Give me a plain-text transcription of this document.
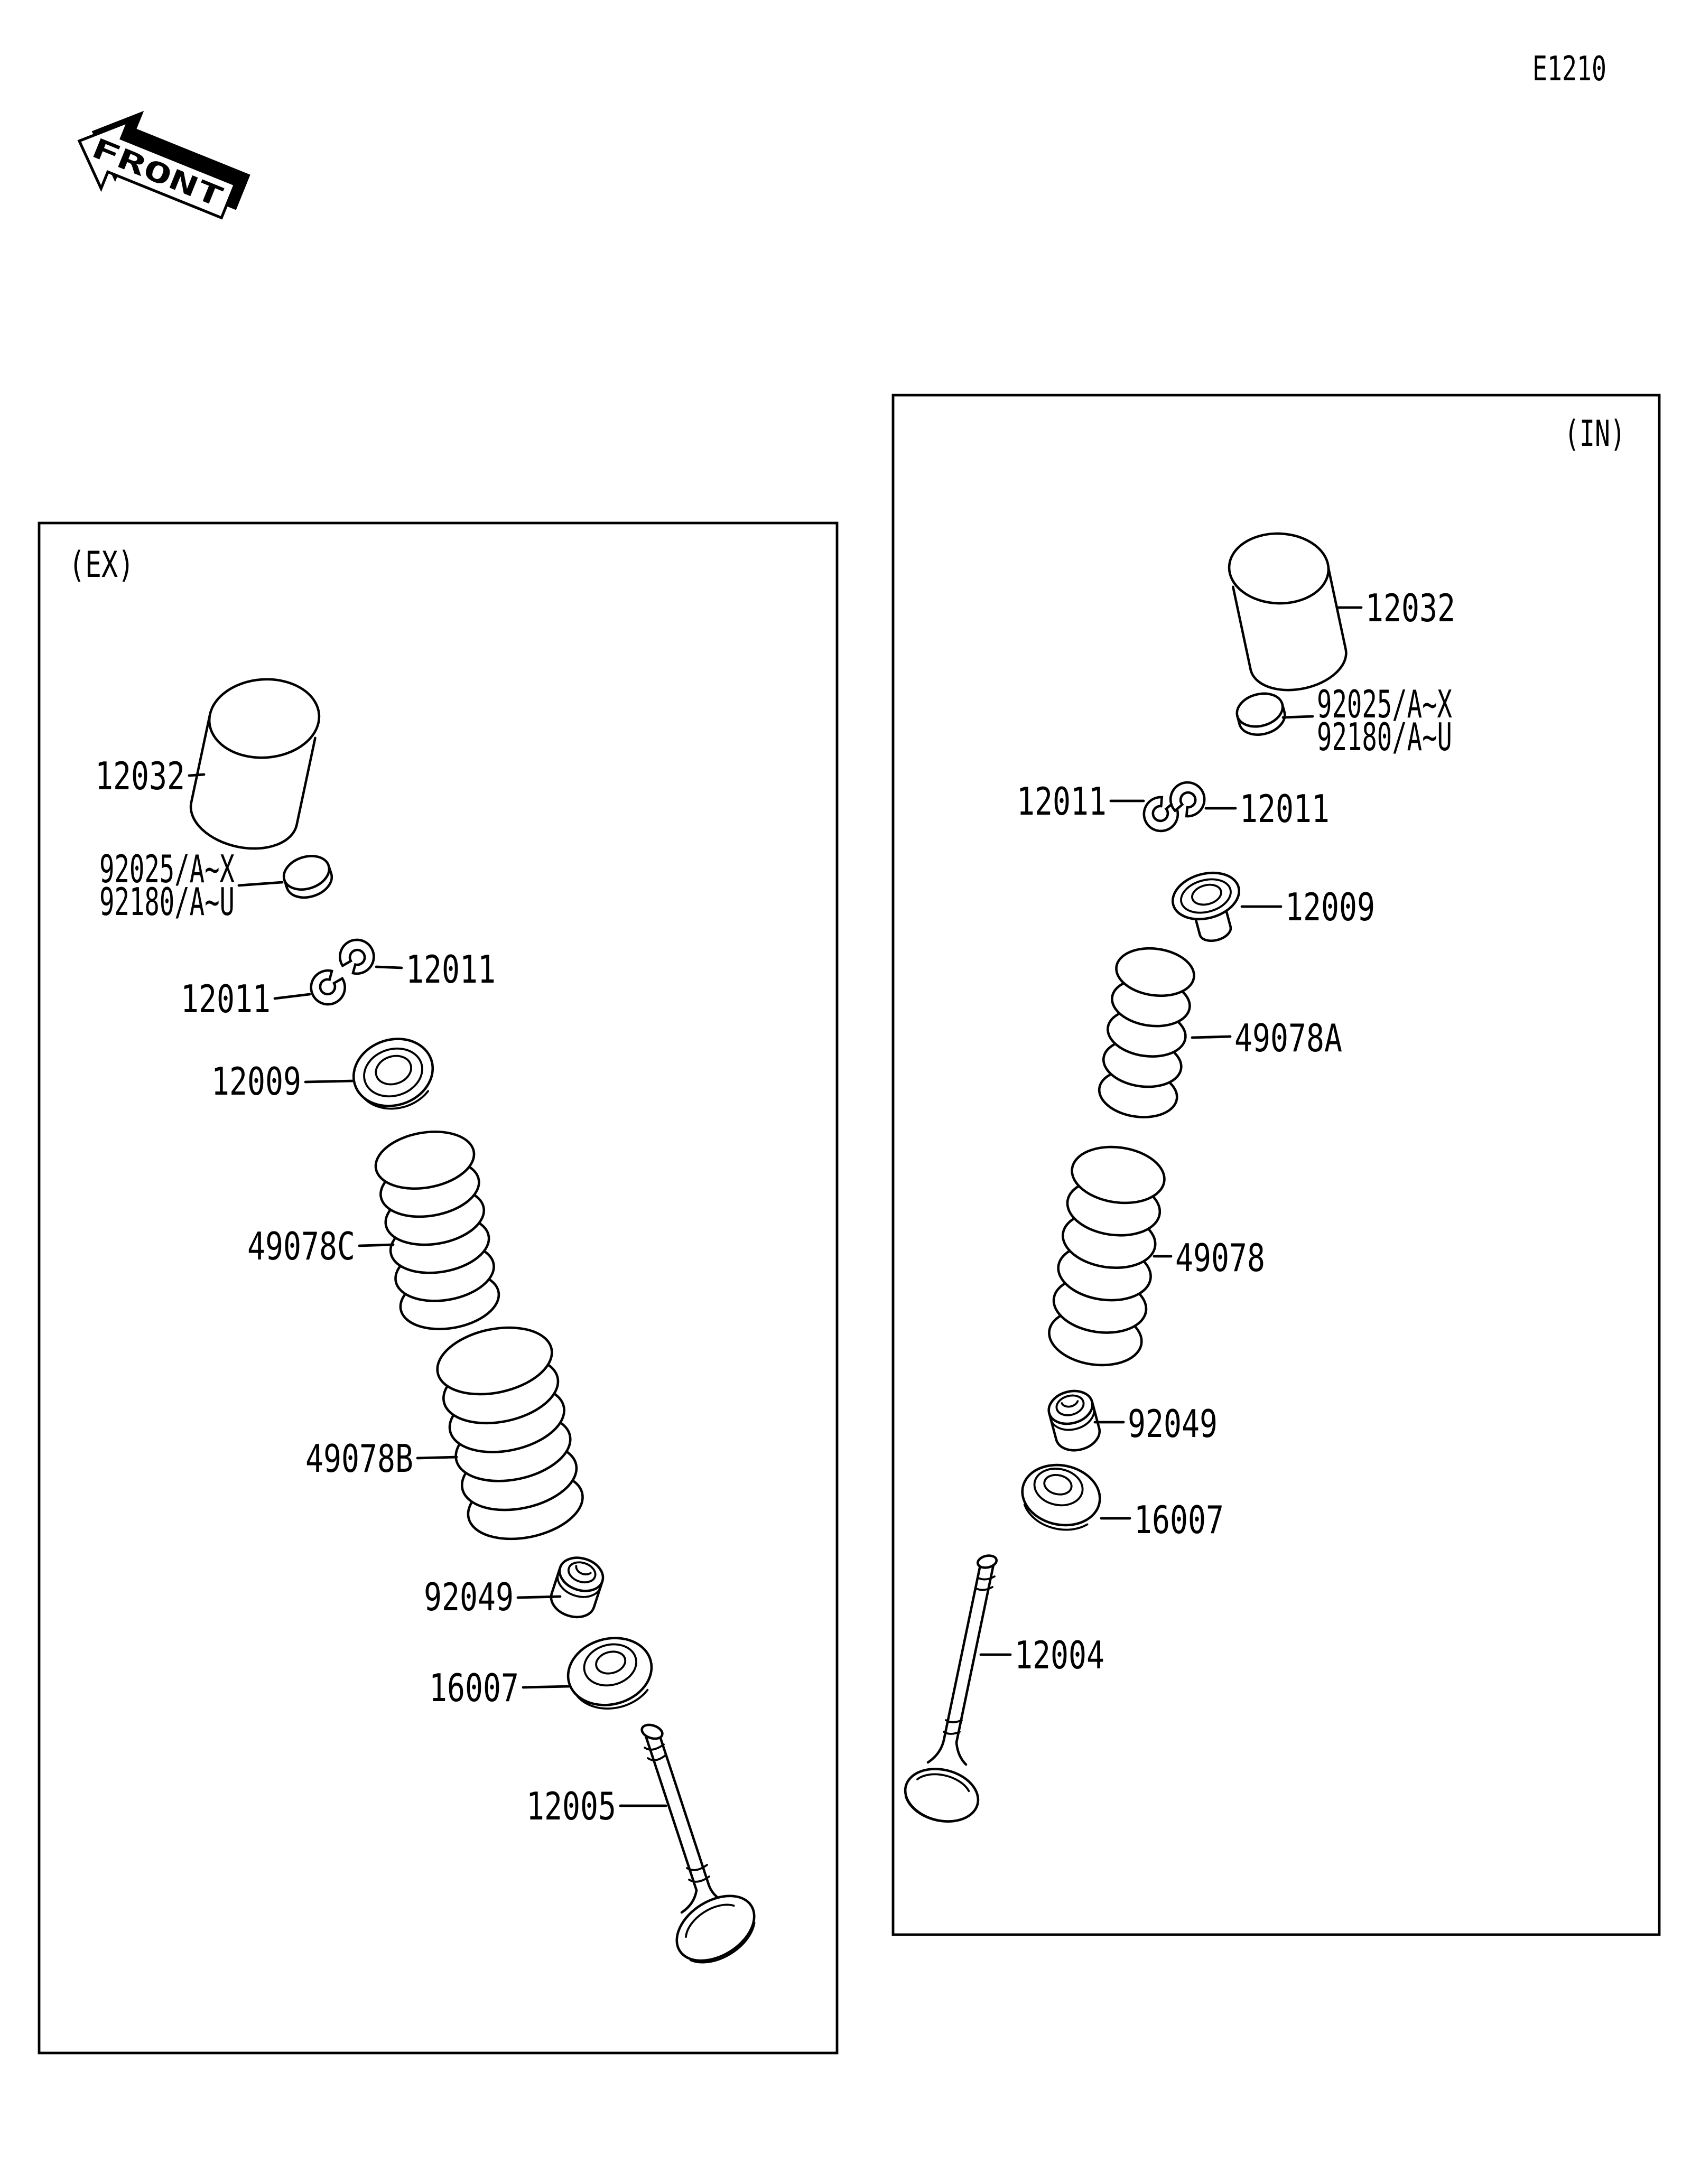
E1210
FRONT
(EX)
12032
92025/A~X
92180/A~U
12011
12011
12009
49078C
49078B
92049
16007
12005
(IN)
12032
92025/A~X
92180/A~U
12011	12011
12009
49078A
49078
92049
16007
12004
